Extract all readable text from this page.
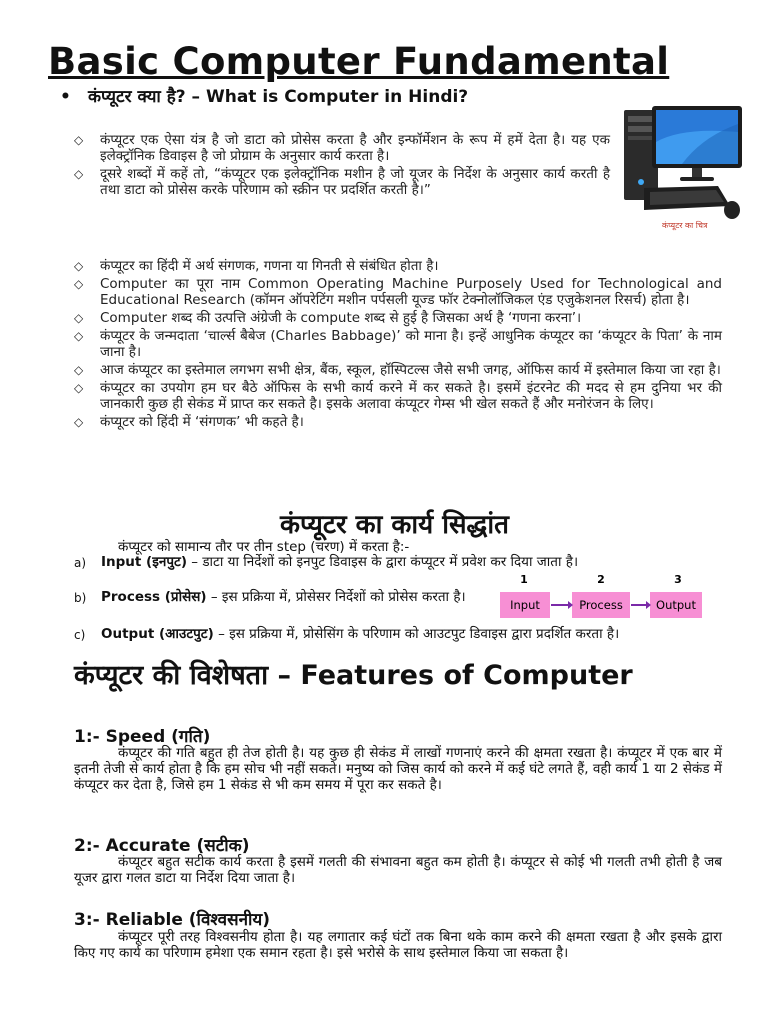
Basic Computer Fundamental
• कंप्यूटर क्या है? – What is Computer in Hindi?
कंप्यूटर का चित्र
◇ कंप्यूटर एक ऐसा यंत्र है जो डाटा को प्रोसेस करता है और इन्फॉर्मेशन के रूप में हमें देता है। यह एक इलेक्ट्रॉनिक डिवाइस है जो प्रोग्राम के अनुसार कार्य करता है।
◇ दूसरे शब्दों में कहें तो, “कंप्यूटर एक इलेक्ट्रॉनिक मशीन है जो यूजर के निर्देश के अनुसार कार्य करती है तथा डाटा को प्रोसेस करके परिणाम को स्क्रीन पर प्रदर्शित करती है।”
◇ कंप्यूटर का हिंदी में अर्थ संगणक, गणना या गिनती से संबंधित होता है।
◇ Computer का पूरा नाम Common Operating Machine Purposely Used for Technological and Educational Research (कॉमन ऑपरेटिंग मशीन पर्पसली यूज्ड फॉर टेक्नोलॉजिकल एंड एजुकेशनल रिसर्च) होता है।
◇ Computer शब्द की उत्पत्ति अंग्रेजी के compute शब्द से हुई है जिसका अर्थ है ‘गणना करना’।
◇ कंप्यूटर के जन्मदाता ‘चार्ल्स बैबेज (Charles Babbage)’ को माना है। इन्हें आधुनिक कंप्यूटर का ‘कंप्यूटर के पिता’ के नाम जाना है।
◇ आज कंप्यूटर का इस्तेमाल लगभग सभी क्षेत्र, बैंक, स्कूल, हॉस्पिटल्स जैसे सभी जगह, ऑफिस कार्य में इस्तेमाल किया जा रहा है।
◇ कंप्यूटर का उपयोग हम घर बैठे ऑफिस के सभी कार्य करने में कर सकते है। इसमें इंटरनेट की मदद से हम दुनिया भर की जानकारी कुछ ही सेकंड में प्राप्त कर सकते है। इसके अलावा कंप्यूटर गेम्स भी खेल सकते हैं और मनोरंजन के लिए।
◇ कंप्यूटर को हिंदी में ‘संगणक’ भी कहते है।
कंप्यूटर का कार्य सिद्धांत
कंप्यूटर को सामान्य तौर पर तीन step (चरण) में करता है:-
a) Input (इनपुट) – डाटा या निर्देशों को इनपुट डिवाइस के द्वारा कंप्यूटर में प्रवेश कर दिया जाता है।
b) Process (प्रोसेस) – इस प्रक्रिया में, प्रोसेसर निर्देशों को प्रोसेस करता है।
c) Output (आउटपुट) – इस प्रक्रिया में, प्रोसेसिंग के परिणाम को आउटपुट डिवाइस द्वारा प्रदर्शित करता है।
1	2	3
Input	Process	Output
कंप्यूटर की विशेषता – Features of Computer
1:- Speed (गति)
कंप्यूटर की गति बहुत ही तेज होती है। यह कुछ ही सेकंड में लाखों गणनाएं करने की क्षमता रखता है। कंप्यूटर में एक बार में इतनी तेजी से कार्य होता है कि हम सोच भी नहीं सकते। मनुष्य को जिस कार्य को करने में कई घंटे लगते हैं, वही कार्य 1 या 2 सेकंड में कंप्यूटर कर देता है, जिसे हम 1 सेकंड से भी कम समय में पूरा कर सकते है।
2:- Accurate (सटीक)
कंप्यूटर बहुत सटीक कार्य करता है इसमें गलती की संभावना बहुत कम होती है। कंप्यूटर से कोई भी गलती तभी होती है जब यूजर द्वारा गलत डाटा या निर्देश दिया जाता है।
3:- Reliable (विश्वसनीय)
कंप्यूटर पूरी तरह विश्वसनीय होता है। यह लगातार कई घंटों तक बिना थके काम करने की क्षमता रखता है और इसके द्वारा किए गए कार्य का परिणाम हमेशा एक समान रहता है। इसे भरोसे के साथ इस्तेमाल किया जा सकता है।
